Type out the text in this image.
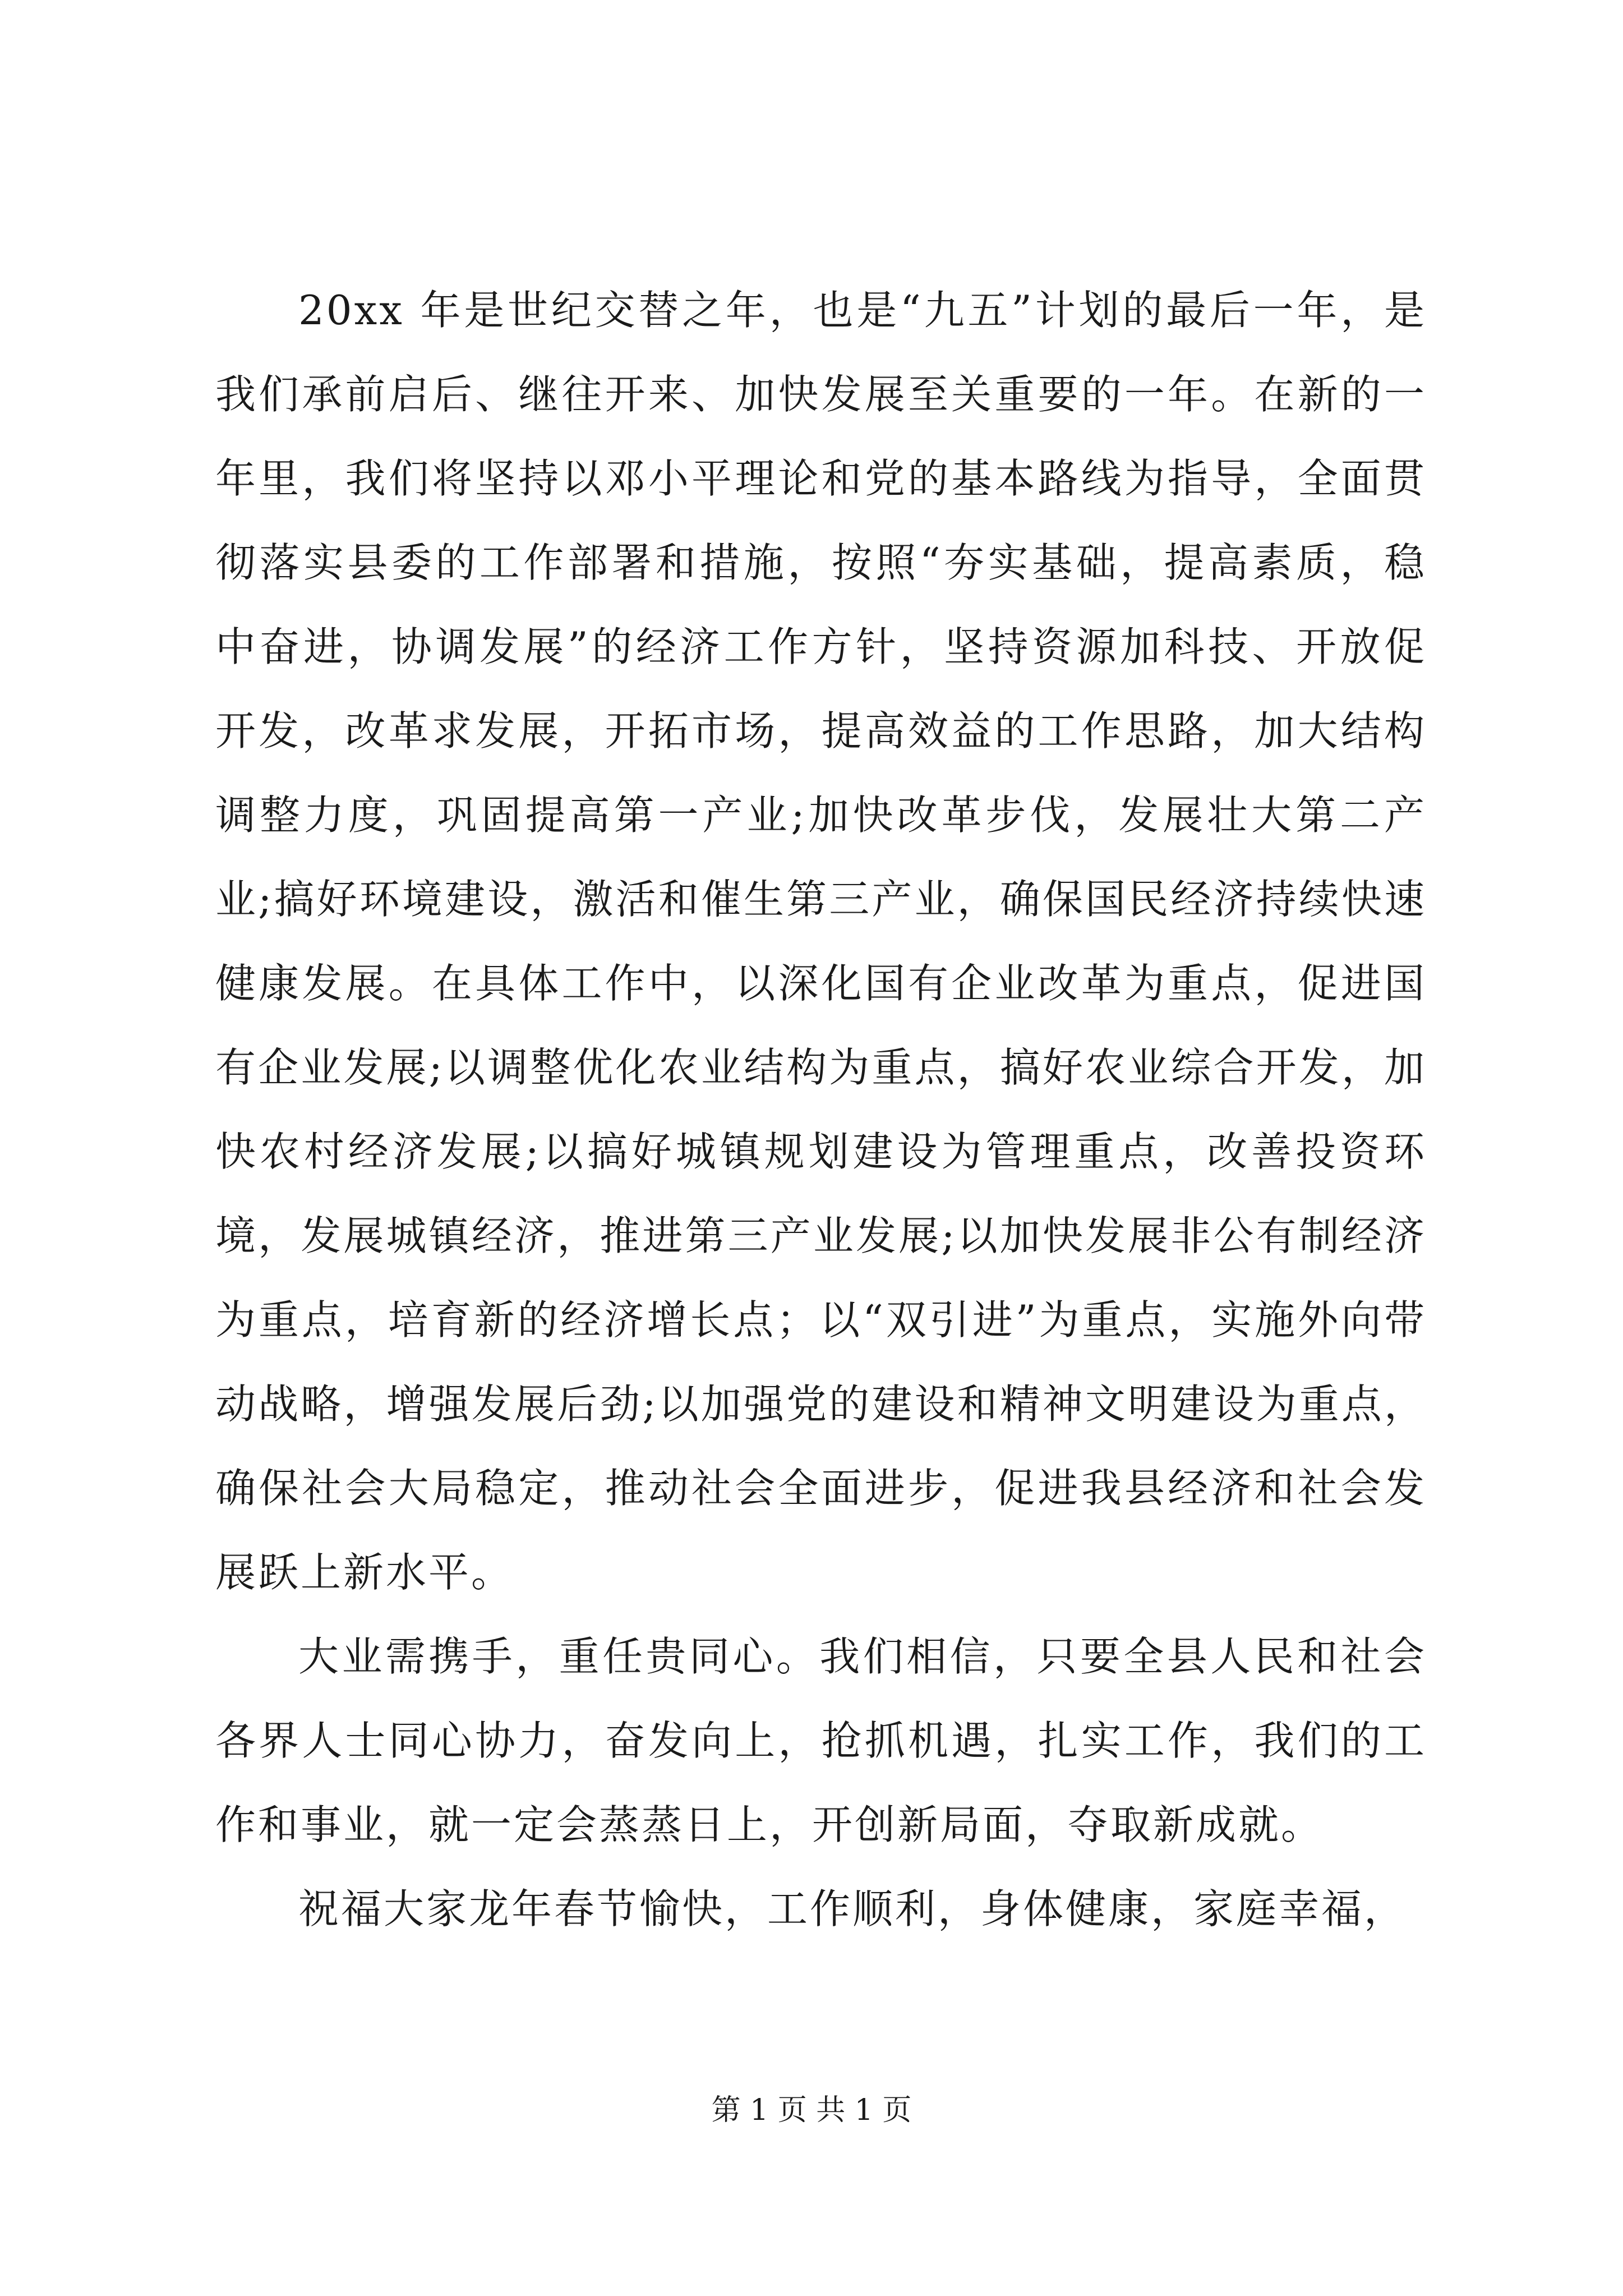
20xx 年是世纪交替之年，也是“九五”计划的最后一年，是我们承前启后、继往开来、加快发展至关重要的一年。在新的一年里，我们将坚持以邓小平理论和党的基本路线为指导，全面贯彻落实县委的工作部署和措施，按照“夯实基础，提高素质，稳中奋进，协调发展”的经济工作方针，坚持资源加科技、开放促开发，改革求发展，开拓市场，提高效益的工作思路，加大结构调整力度，巩固提高第一产业;加快改革步伐，发展壮大第二产业;搞好环境建设，激活和催生第三产业，确保国民经济持续快速健康发展。在具体工作中，以深化国有企业改革为重点，促进国有企业发展;以调整优化农业结构为重点，搞好农业综合开发，加快农村经济发展;以搞好城镇规划建设为管理重点，改善投资环境，发展城镇经济，推进第三产业发展;以加快发展非公有制经济为重点，培育新的经济增长点；以“双引进”为重点，实施外向带动战略，增强发展后劲;以加强党的建设和精神文明建设为重点，确保社会大局稳定，推动社会全面进步，促进我县经济和社会发展跃上新水平。

大业需携手，重任贵同心。我们相信，只要全县人民和社会各界人士同心协力，奋发向上，抢抓机遇，扎实工作，我们的工作和事业，就一定会蒸蒸日上，开创新局面，夺取新成就。

祝福大家龙年春节愉快，工作顺利，身体健康，家庭幸福，

第 1 页 共 1 页
